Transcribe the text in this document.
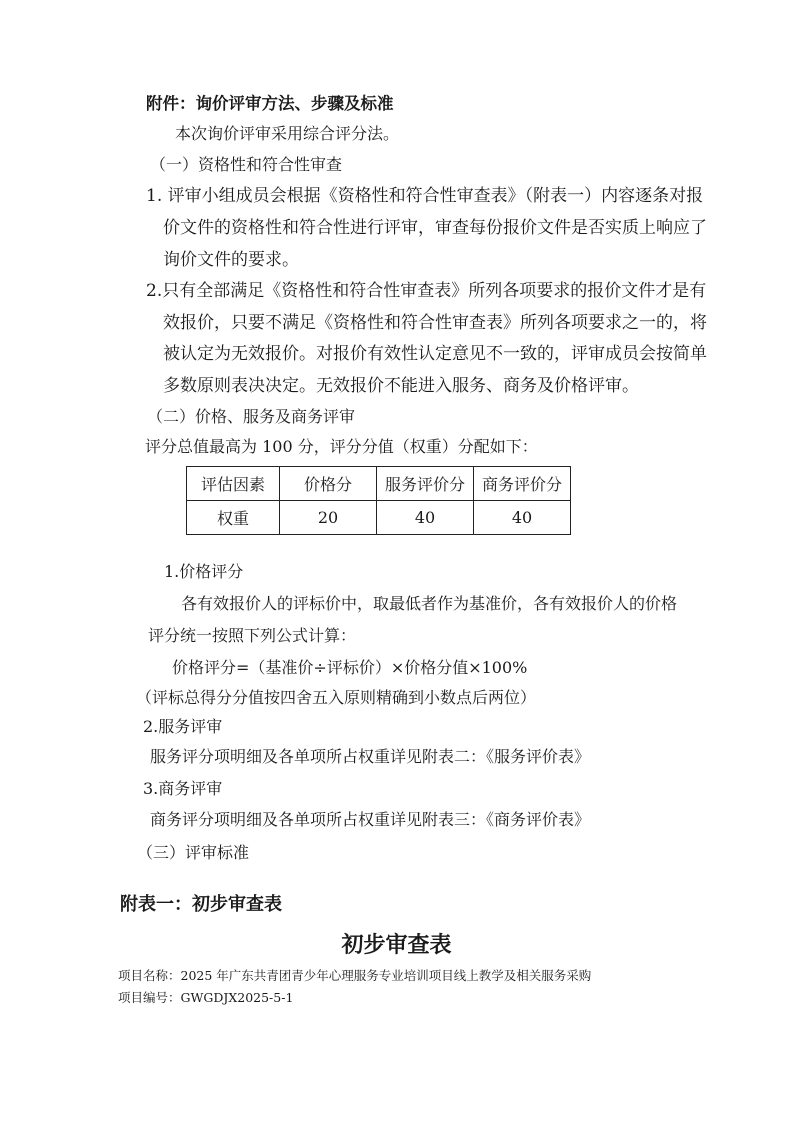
附件：询价评审方法、步骤及标准
本次询价评审采用综合评分法。
（一）资格性和符合性审查
1. 评审小组成员会根据《资格性和符合性审查表》（附表一）内容逐条对报
价文件的资格性和符合性进行评审，审查每份报价文件是否实质上响应了
询价文件的要求。
2.只有全部满足《资格性和符合性审查表》所列各项要求的报价文件才是有
效报价，只要不满足《资格性和符合性审查表》所列各项要求之一的，将
被认定为无效报价。对报价有效性认定意见不一致的，评审成员会按简单
多数原则表决决定。无效报价不能进入服务、商务及价格评审。
（二）价格、服务及商务评审
评分总值最高为 100 分，评分分值（权重）分配如下：
评估因素	价格分	服务评价分	商务评价分
权重	20	40	40
1.价格评分
各有效报价人的评标价中，取最低者作为基准价，各有效报价人的价格
评分统一按照下列公式计算：
价格评分=（基准价÷评标价）×价格分值×100%
（评标总得分分值按四舍五入原则精确到小数点后两位）
2.服务评审
服务评分项明细及各单项所占权重详见附表二：《服务评价表》
3.商务评审
商务评分项明细及各单项所占权重详见附表三：《商务评价表》
（三）评审标准
附表一：初步审查表
初步审查表
项目名称：2025 年广东共青团青少年心理服务专业培训项目线上教学及相关服务采购
项目编号：GWGDJX2025-5-1
